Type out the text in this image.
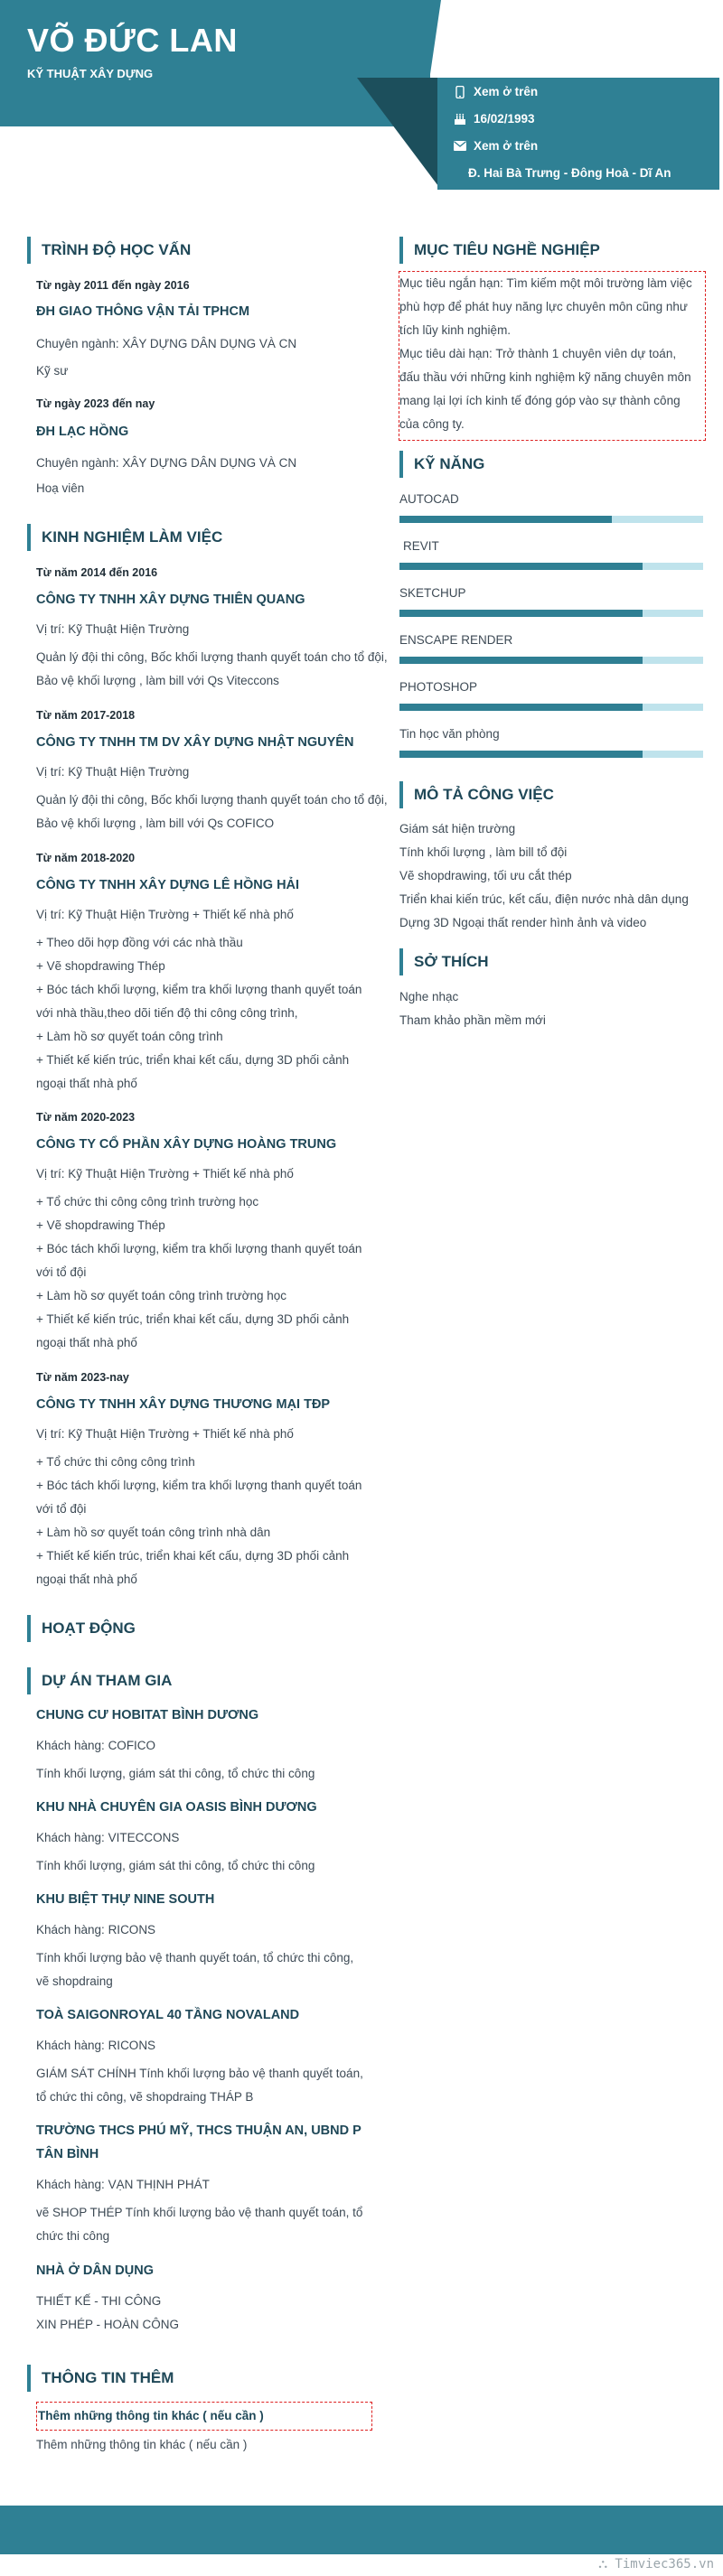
VÕ ĐỨC LAN
KỸ THUẬT XÂY DỰNG
Xem ở trên
16/02/1993
Xem ở trên
Đ. Hai Bà Trưng - Đông Hoà - Dĩ An
TRÌNH ĐỘ HỌC VẤN
Từ ngày 2011 đến ngày 2016
ĐH GIAO THÔNG VẬN TẢI TPHCM
Chuyên ngành: XÂY DỰNG DÂN DỤNG VÀ CN
Kỹ sư
Từ ngày 2023 đến nay
ĐH LẠC HỒNG
Chuyên ngành: XÂY DỰNG DÂN DỤNG VÀ CN
Hoạ viên
KINH NGHIỆM LÀM VIỆC
Từ năm 2014 đến 2016
CÔNG TY TNHH XÂY DỰNG THIÊN QUANG
Vị trí: Kỹ Thuật Hiện Trường
Quản lý đội thi công, Bốc khối lượng thanh quyết toán cho tổ đội,
Bảo vệ khối lượng , làm bill với Qs Viteccons
Từ năm 2017-2018
CÔNG TY TNHH TM DV XÂY DỰNG NHẬT NGUYÊN
Vị trí: Kỹ Thuật Hiện Trường
Quản lý đội thi công, Bốc khối lượng thanh quyết toán cho tổ đội,
Bảo vệ khối lượng , làm bill với Qs COFICO
Từ năm 2018-2020
CÔNG TY TNHH XÂY DỰNG LÊ HỒNG HẢI
Vị trí: Kỹ Thuật Hiện Trường + Thiết kế nhà phố
+ Theo dõi hợp đồng với các nhà thầu
+ Vẽ shopdrawing Thép
+ Bóc tách khối lượng, kiểm tra khối lượng thanh quyết toán
với nhà thầu,theo dõi tiến độ thi công công trình,
+ Làm hồ sơ quyết toán công trình
+ Thiết kế kiến trúc, triển khai kết cấu, dựng 3D phối cảnh
ngoại thất nhà phố
Từ năm 2020-2023
CÔNG TY CỔ PHẦN XÂY DỰNG HOÀNG TRUNG
Vị trí: Kỹ Thuật Hiện Trường + Thiết kế nhà phố
+ Tổ chức thi công công trình trường học
+ Vẽ shopdrawing Thép
+ Bóc tách khối lượng, kiểm tra khối lượng thanh quyết toán
với tổ đội
+ Làm hồ sơ quyết toán công trình trường học
+ Thiết kế kiến trúc, triển khai kết cấu, dựng 3D phối cảnh
ngoại thất nhà phố
Từ năm 2023-nay
CÔNG TY TNHH XÂY DỰNG THƯƠNG MẠI TĐP
Vị trí: Kỹ Thuật Hiện Trường + Thiết kế nhà phố
+ Tổ chức thi công công trình
+ Bóc tách khối lượng, kiểm tra khối lượng thanh quyết toán
với tổ đội
+ Làm hồ sơ quyết toán công trình nhà dân
+ Thiết kế kiến trúc, triển khai kết cấu, dựng 3D phối cảnh
ngoại thất nhà phố
HOẠT ĐỘNG
DỰ ÁN THAM GIA
CHUNG CƯ HOBITAT BÌNH DƯƠNG
Khách hàng: COFICO
Tính khối lượng, giám sát thi công, tổ chức thi công
KHU NHÀ CHUYÊN GIA OASIS BÌNH DƯƠNG
Khách hàng: VITECCONS
Tính khối lượng, giám sát thi công, tổ chức thi công
KHU BIỆT THỰ NINE SOUTH
Khách hàng: RICONS
Tính khối lượng bảo vệ thanh quyết toán, tổ chức thi công,
vẽ shopdraing
TOÀ SAIGONROYAL 40 TẦNG NOVALAND
Khách hàng: RICONS
GIÁM SÁT CHÍNH Tính khối lượng bảo vệ thanh quyết toán,
tổ chức thi công, vẽ shopdraing THÁP B
TRƯỜNG THCS PHÚ MỸ, THCS THUẬN AN, UBND P
TÂN BÌNH
Khách hàng: VẠN THỊNH PHÁT
vẽ SHOP THÉP Tính khối lượng bảo vệ thanh quyết toán, tổ
chức thi công
NHÀ Ở DÂN DỤNG
THIẾT KẾ - THI CÔNG
XIN PHÉP - HOÀN CÔNG
THÔNG TIN THÊM
Thêm những thông tin khác ( nếu cần )
Thêm những thông tin khác ( nếu cần )
MỤC TIÊU NGHỀ NGHIỆP
Mục tiêu ngắn hạn: Tìm kiếm một môi trường làm việc
phù hợp để phát huy năng lực chuyên môn cũng như
tích lũy kinh nghiệm.
Mục tiêu dài hạn: Trở thành 1 chuyên viên dự toán,
đấu thầu với những kinh nghiệm kỹ năng chuyên môn
mang lại lợi ích kinh tế đóng góp vào sự thành công
của công ty.
KỸ NĂNG
AUTOCAD
REVIT
SKETCHUP
ENSCAPE RENDER
PHOTOSHOP
Tin học văn phòng
MÔ TẢ CÔNG VIỆC
Giám sát hiện trường
Tính khối lượng , làm bill tổ đội
Vẽ shopdrawing, tối ưu cắt thép
Triển khai kiến trúc, kết cấu, điện nước nhà dân dụng
Dựng 3D Ngoại thất render hình ảnh và video
SỞ THÍCH
Nghe nhạc
Tham khảo phần mềm mới
⛬ Timviec365.vn
